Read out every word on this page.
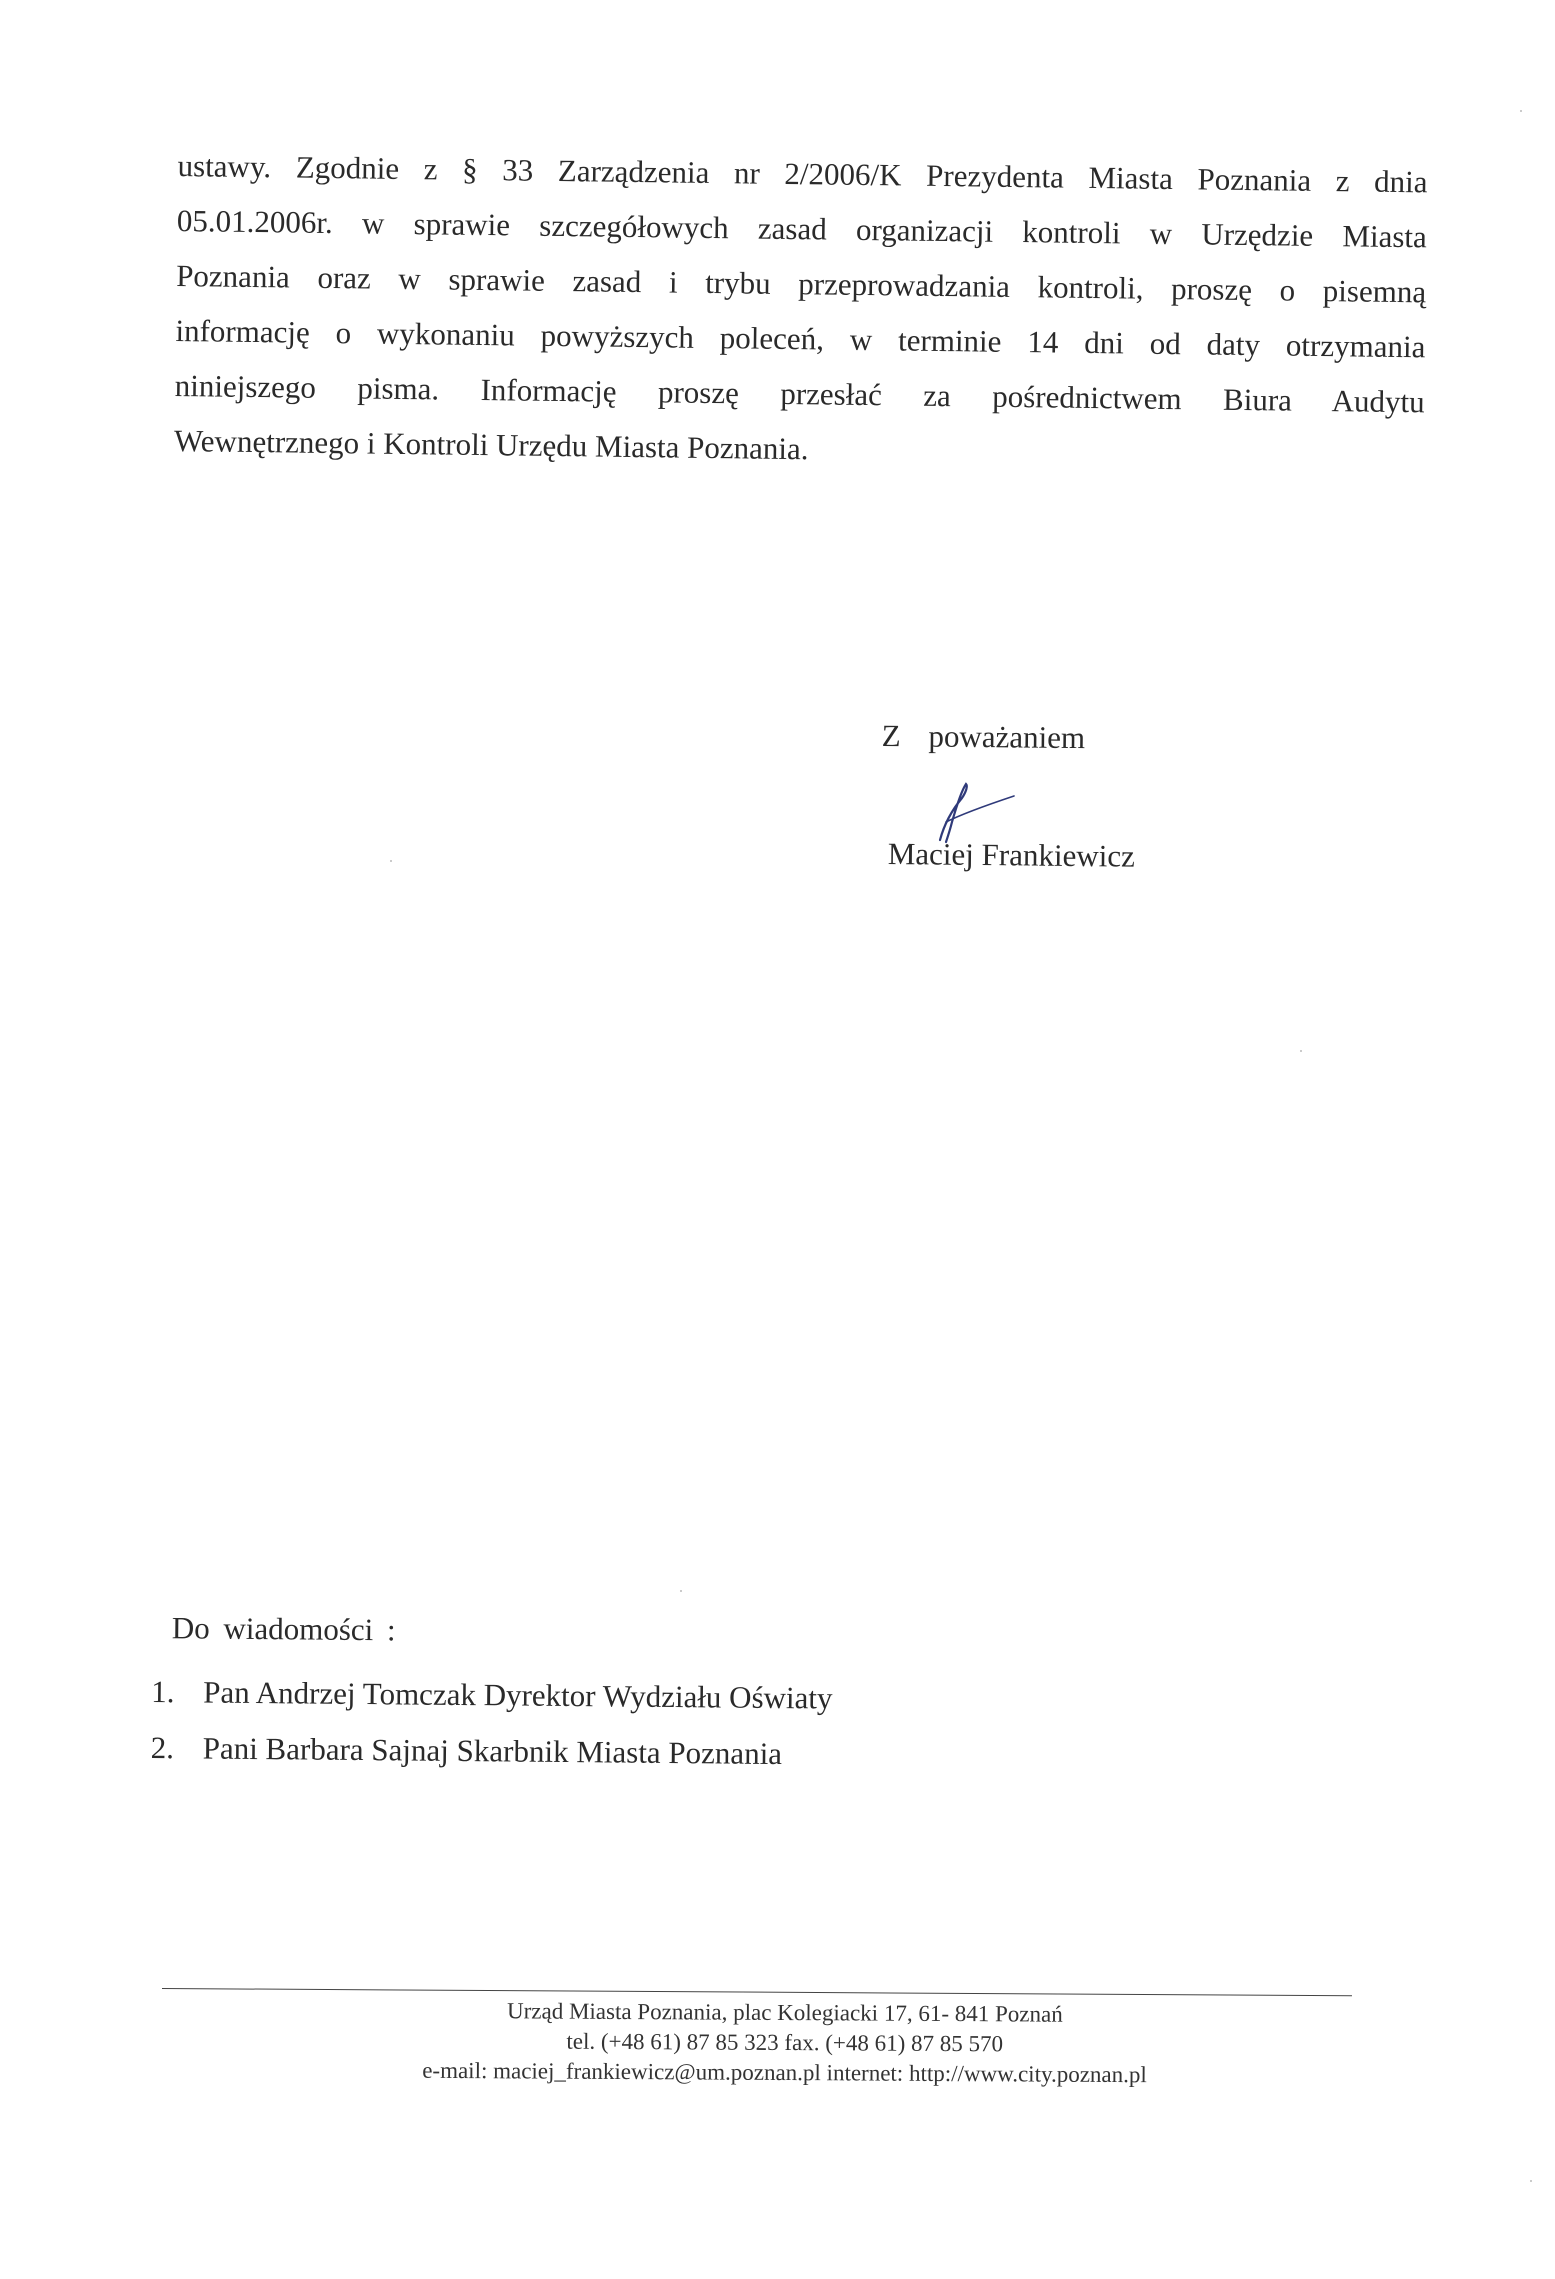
ustawy. Zgodnie z § 33 Zarządzenia nr 2/2006/K Prezydenta Miasta Poznania z dnia
05.01.2006r. w sprawie szczegółowych zasad organizacji kontroli w Urzędzie Miasta
Poznania oraz w sprawie zasad i trybu przeprowadzania kontroli, proszę o pisemną
informację o wykonaniu powyższych poleceń, w terminie 14 dni od daty otrzymania
niniejszego pisma. Informację proszę przesłać za pośrednictwem Biura Audytu
Wewnętrznego i Kontroli Urzędu Miasta Poznania.
Z poważaniem
Maciej Frankiewicz
Do wiadomości :
1. Pan Andrzej Tomczak Dyrektor Wydziału Oświaty
2. Pani Barbara Sajnaj Skarbnik Miasta Poznania
Urząd Miasta Poznania, plac Kolegiacki 17, 61- 841 Poznań
tel. (+48 61) 87 85 323 fax. (+48 61) 87 85 570
e-mail: maciej_frankiewicz@um.poznan.pl internet: http://www.city.poznan.pl
